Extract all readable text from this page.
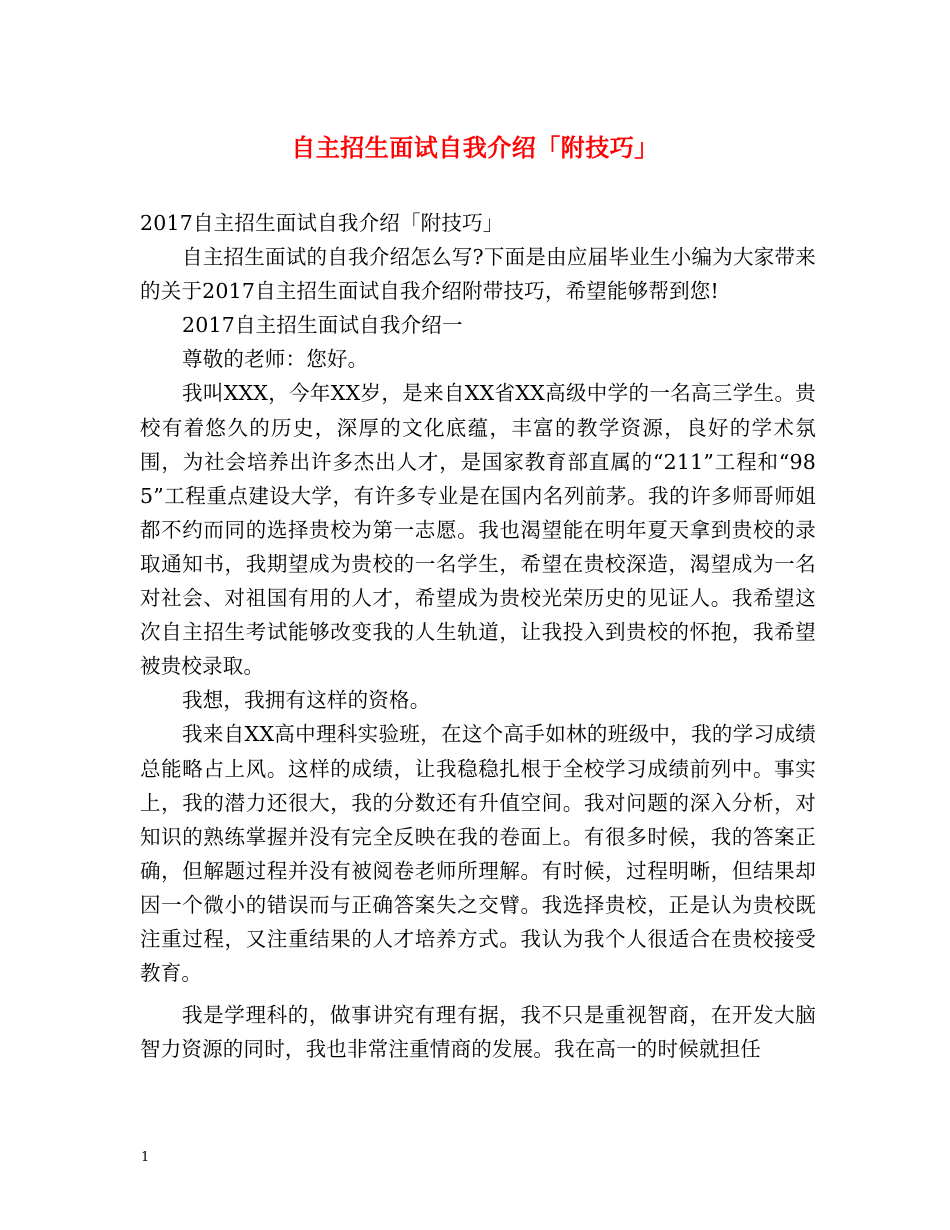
自主招生面试自我介绍「附技巧」

2017自主招生面试自我介绍「附技巧」

自主招生面试的自我介绍怎么写?下面是由应届毕业生小编为大家带来的关于2017自主招生面试自我介绍附带技巧，希望能够帮到您!

2017自主招生面试自我介绍一

尊敬的老师：您好。

我叫XXX，今年XX岁，是来自XX省XX高级中学的一名高三学生。贵校有着悠久的历史，深厚的文化底蕴，丰富的教学资源，良好的学术氛围，为社会培养出许多杰出人才，是国家教育部直属的“211”工程和“985”工程重点建设大学，有许多专业是在国内名列前茅。我的许多师哥师姐都不约而同的选择贵校为第一志愿。我也渴望能在明年夏天拿到贵校的录取通知书，我期望成为贵校的一名学生，希望在贵校深造，渴望成为一名对社会、对祖国有用的人才，希望成为贵校光荣历史的见证人。我希望这次自主招生考试能够改变我的人生轨道，让我投入到贵校的怀抱，我希望被贵校录取。

我想，我拥有这样的资格。

我来自XX高中理科实验班，在这个高手如林的班级中，我的学习成绩总能略占上风。这样的成绩，让我稳稳扎根于全校学习成绩前列中。事实上，我的潜力还很大，我的分数还有升值空间。我对问题的深入分析，对知识的熟练掌握并没有完全反映在我的卷面上。有很多时候，我的答案正确，但解题过程并没有被阅卷老师所理解。有时候，过程明晰，但结果却因一个微小的错误而与正确答案失之交臂。我选择贵校，正是认为贵校既注重过程，又注重结果的人才培养方式。我认为我个人很适合在贵校接受教育。

我是学理科的，做事讲究有理有据，我不只是重视智商，在开发大脑智力资源的同时，我也非常注重情商的发展。我在高一的时候就担任

1
